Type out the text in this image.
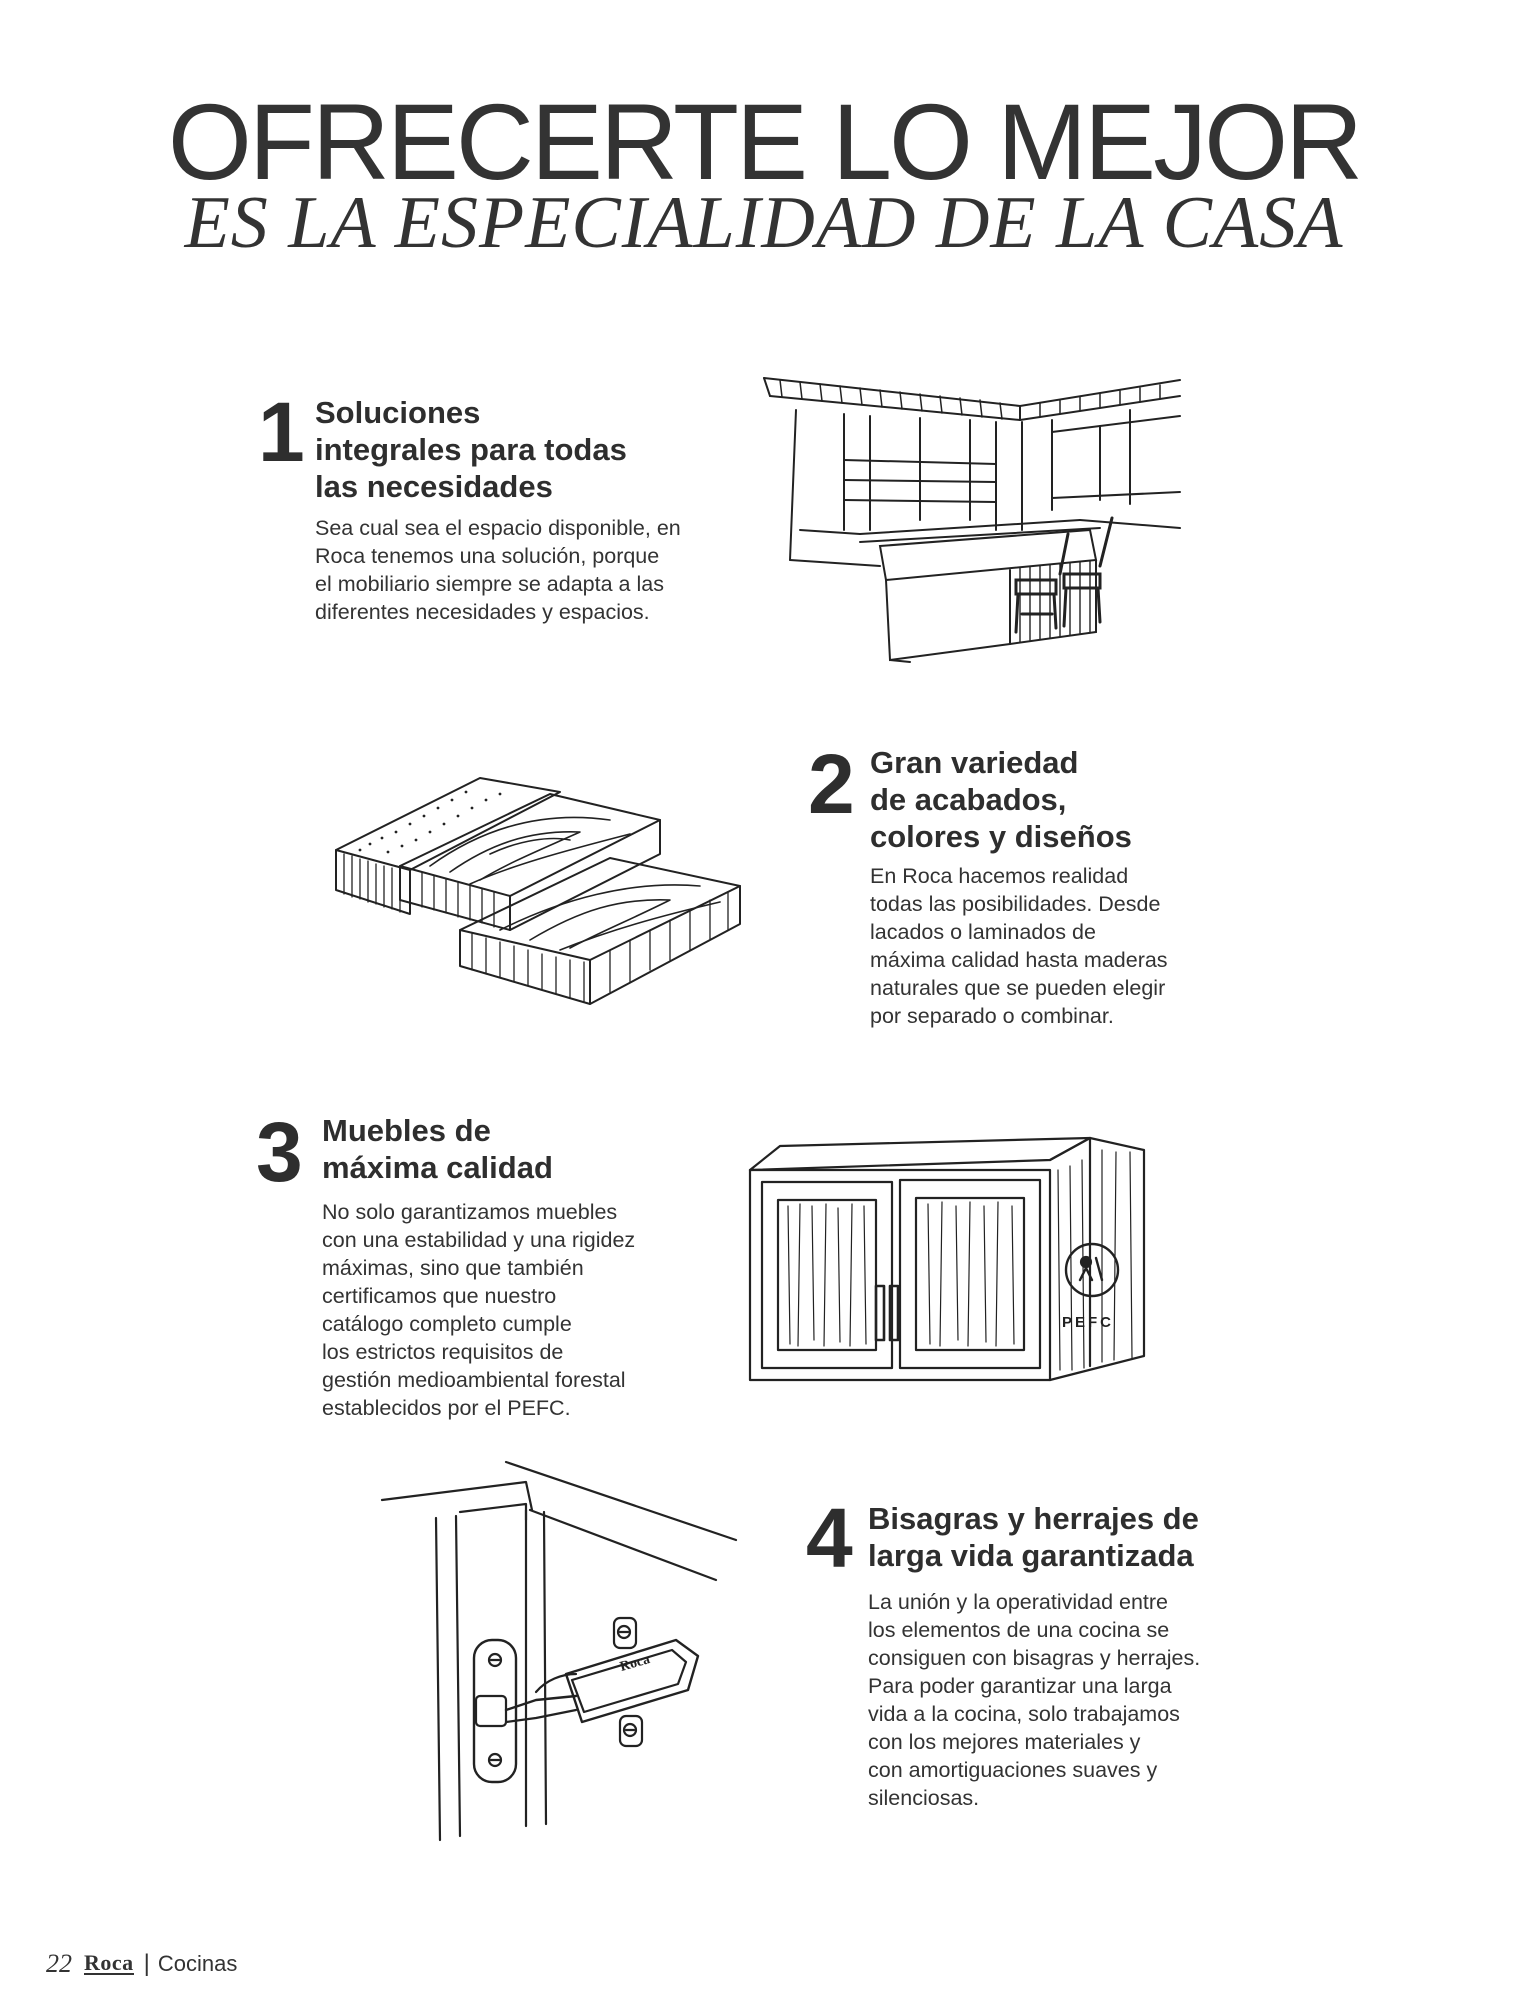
OFRECERTE LO MEJOR
ES LA ESPECIALIDAD DE LA CASA
1 Soluciones
integrales para todas
las necesidades
Sea cual sea el espacio disponible, en
Roca tenemos una solución, porque
el mobiliario siempre se adapta a las
diferentes necesidades y espacios.
2 Gran variedad
de acabados,
colores y diseños
En Roca hacemos realidad
todas las posibilidades. Desde
lacados o laminados de
máxima calidad hasta maderas
naturales que se pueden elegir
por separado o combinar.
3 Muebles de
máxima calidad
No solo garantizamos muebles
con una estabilidad y una rigidez
máximas, sino que también
certificamos que nuestro
catálogo completo cumple
los estrictos requisitos de
gestión medioambiental forestal
establecidos por el PEFC.
PEFC
Roca
4 Bisagras y herrajes de
larga vida garantizada
La unión y la operatividad entre
los elementos de una cocina se
consiguen con bisagras y herrajes.
Para poder garantizar una larga
vida a la cocina, solo trabajamos
con los mejores materiales y
con amortiguaciones suaves y
silenciosas.
22 Roca | Cocinas
